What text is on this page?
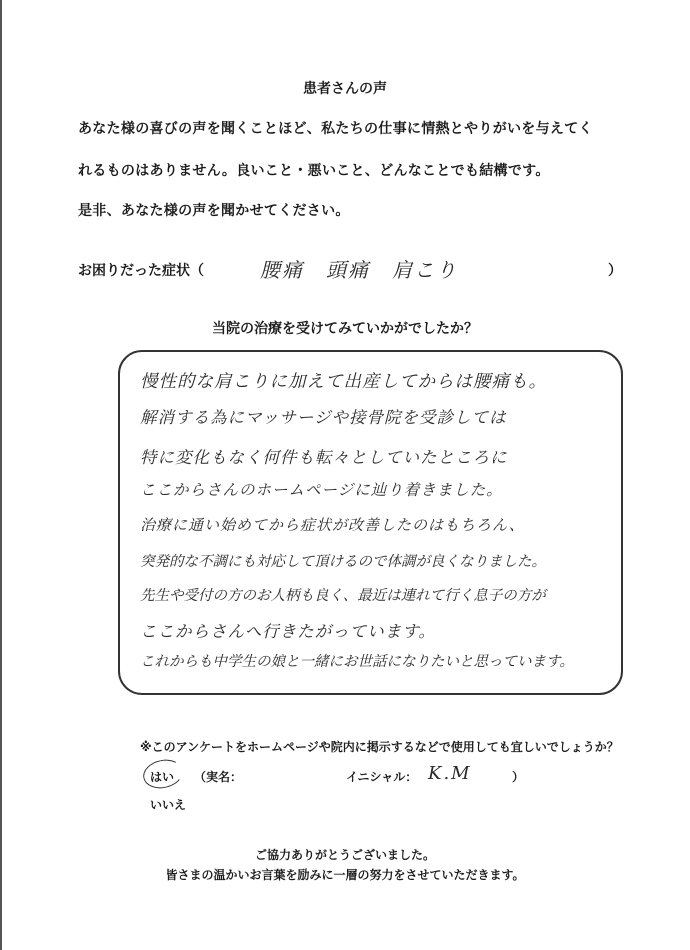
患者さんの声
あなた様の喜びの声を聞くことほど、私たちの仕事に情熱とやりがいを与えてく
れるものはありません。良いこと・悪いこと、どんなことでも結構です。
是非、あなた様の声を聞かせてください。
お困りだった症状（	腰痛　頭痛　肩こり	）
当院の治療を受けてみていかがでしたか？
慢性的な肩こりに加えて出産してからは腰痛も。
解消する為にマッサージや接骨院を受診しては
特に変化もなく何件も転々としていたところに
ここからさんのホームページに辿り着きました。
治療に通い始めてから症状が改善したのはもちろん、
突発的な不調にも対応して頂けるので体調が良くなりました。
先生や受付の方のお人柄も良く、最近は連れて行く息子の方が
ここからさんへ行きたがっています。
これからも中学生の娘と一緒にお世話になりたいと思っています。
※このアンケートをホームページや院内に掲示するなどで使用しても宜しいでしょうか？
はい （実名：	イニシャル： K.M	）
いいえ
ご協力ありがとうございました。
皆さまの温かいお言葉を励みに一層の努力をさせていただきます。
